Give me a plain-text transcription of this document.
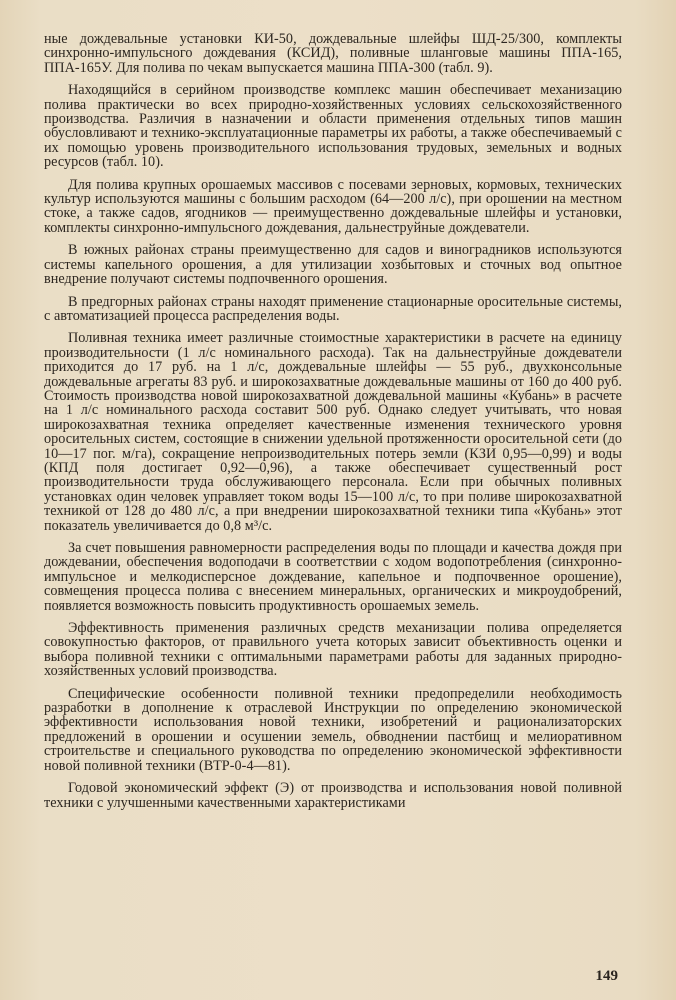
ные дождевальные установки КИ-50, дождевальные шлейфы ШД-25/300, комплекты синхронно-импульсного дождевания (КСИД), поливные шланговые машины ППА-165, ППА-165У. Для полива по чекам выпускается машина ППА-300 (табл. 9).

Находящийся в серийном производстве комплекс машин обеспечивает механизацию полива практически во всех природно-хозяйственных условиях сельскохозяйственного производства. Различия в назначении и области применения отдельных типов машин обусловливают и технико-эксплуатационные параметры их работы, а также обеспечиваемый с их помощью уровень производительного использования трудовых, земельных и водных ресурсов (табл. 10).

Для полива крупных орошаемых массивов с посевами зерновых, кормовых, технических культур используются машины с большим расходом (64—200 л/с), при орошении на местном стоке, а также садов, ягодников — преимущественно дождевальные шлейфы и установки, комплекты синхронно-импульсного дождевания, дальнеструйные дождеватели.

В южных районах страны преимущественно для садов и виноградников используются системы капельного орошения, а для утилизации хозбытовых и сточных вод опытное внедрение получают системы подпочвенного орошения.

В предгорных районах страны находят применение стационарные оросительные системы, с автоматизацией процесса распределения воды.

Поливная техника имеет различные стоимостные характеристики в расчете на единицу производительности (1 л/с номинального расхода). Так на дальнеструйные дождеватели приходится до 17 руб. на 1 л/с, дождевальные шлейфы — 55 руб., двухконсольные дождевальные агрегаты 83 руб. и широкозахватные дождевальные машины от 160 до 400 руб. Стоимость производства новой широкозахватной дождевальной машины «Кубань» в расчете на 1 л/с номинального расхода составит 500 руб. Однако следует учитывать, что новая широкозахватная техника определяет качественные изменения технического уровня оросительных систем, состоящие в снижении удельной протяженности оросительной сети (до 10—17 пог. м/га), сокращение непроизводительных потерь земли (КЗИ 0,95—0,99) и воды (КПД поля достигает 0,92—0,96), а также обеспечивает существенный рост производительности труда обслуживающего персонала. Если при обычных поливных установках один человек управляет током воды 15—100 л/с, то при поливе широкозахватной техникой от 128 до 480 л/с, а при внедрении широкозахватной техники типа «Кубань» этот показатель увеличивается до 0,8 м³/с.

За счет повышения равномерности распределения воды по площади и качества дождя при дождевании, обеспечения водоподачи в соответствии с ходом водопотребления (синхронно-импульсное и мелкодисперсное дождевание, капельное и подпочвенное орошение), совмещения процесса полива с внесением минеральных, органических и микроудобрений, появляется возможность повысить продуктивность орошаемых земель.

Эффективность применения различных средств механизации полива определяется совокупностью факторов, от правильного учета которых зависит объективность оценки и выбора поливной техники с оптимальными параметрами работы для заданных природно-хозяйственных условий производства.

Специфические особенности поливной техники предопределили необходимость разработки в дополнение к отраслевой Инструкции по определению экономической эффективности использования новой техники, изобретений и рационализаторских предложений в орошении и осушении земель, обводнении пастбищ и мелиоративном строительстве и специального руководства по определению экономической эффективности новой поливной техники (ВТР-0-4—81).

Годовой экономический эффект (Э) от производства и использования новой поливной техники с улучшенными качественными характеристиками

149
